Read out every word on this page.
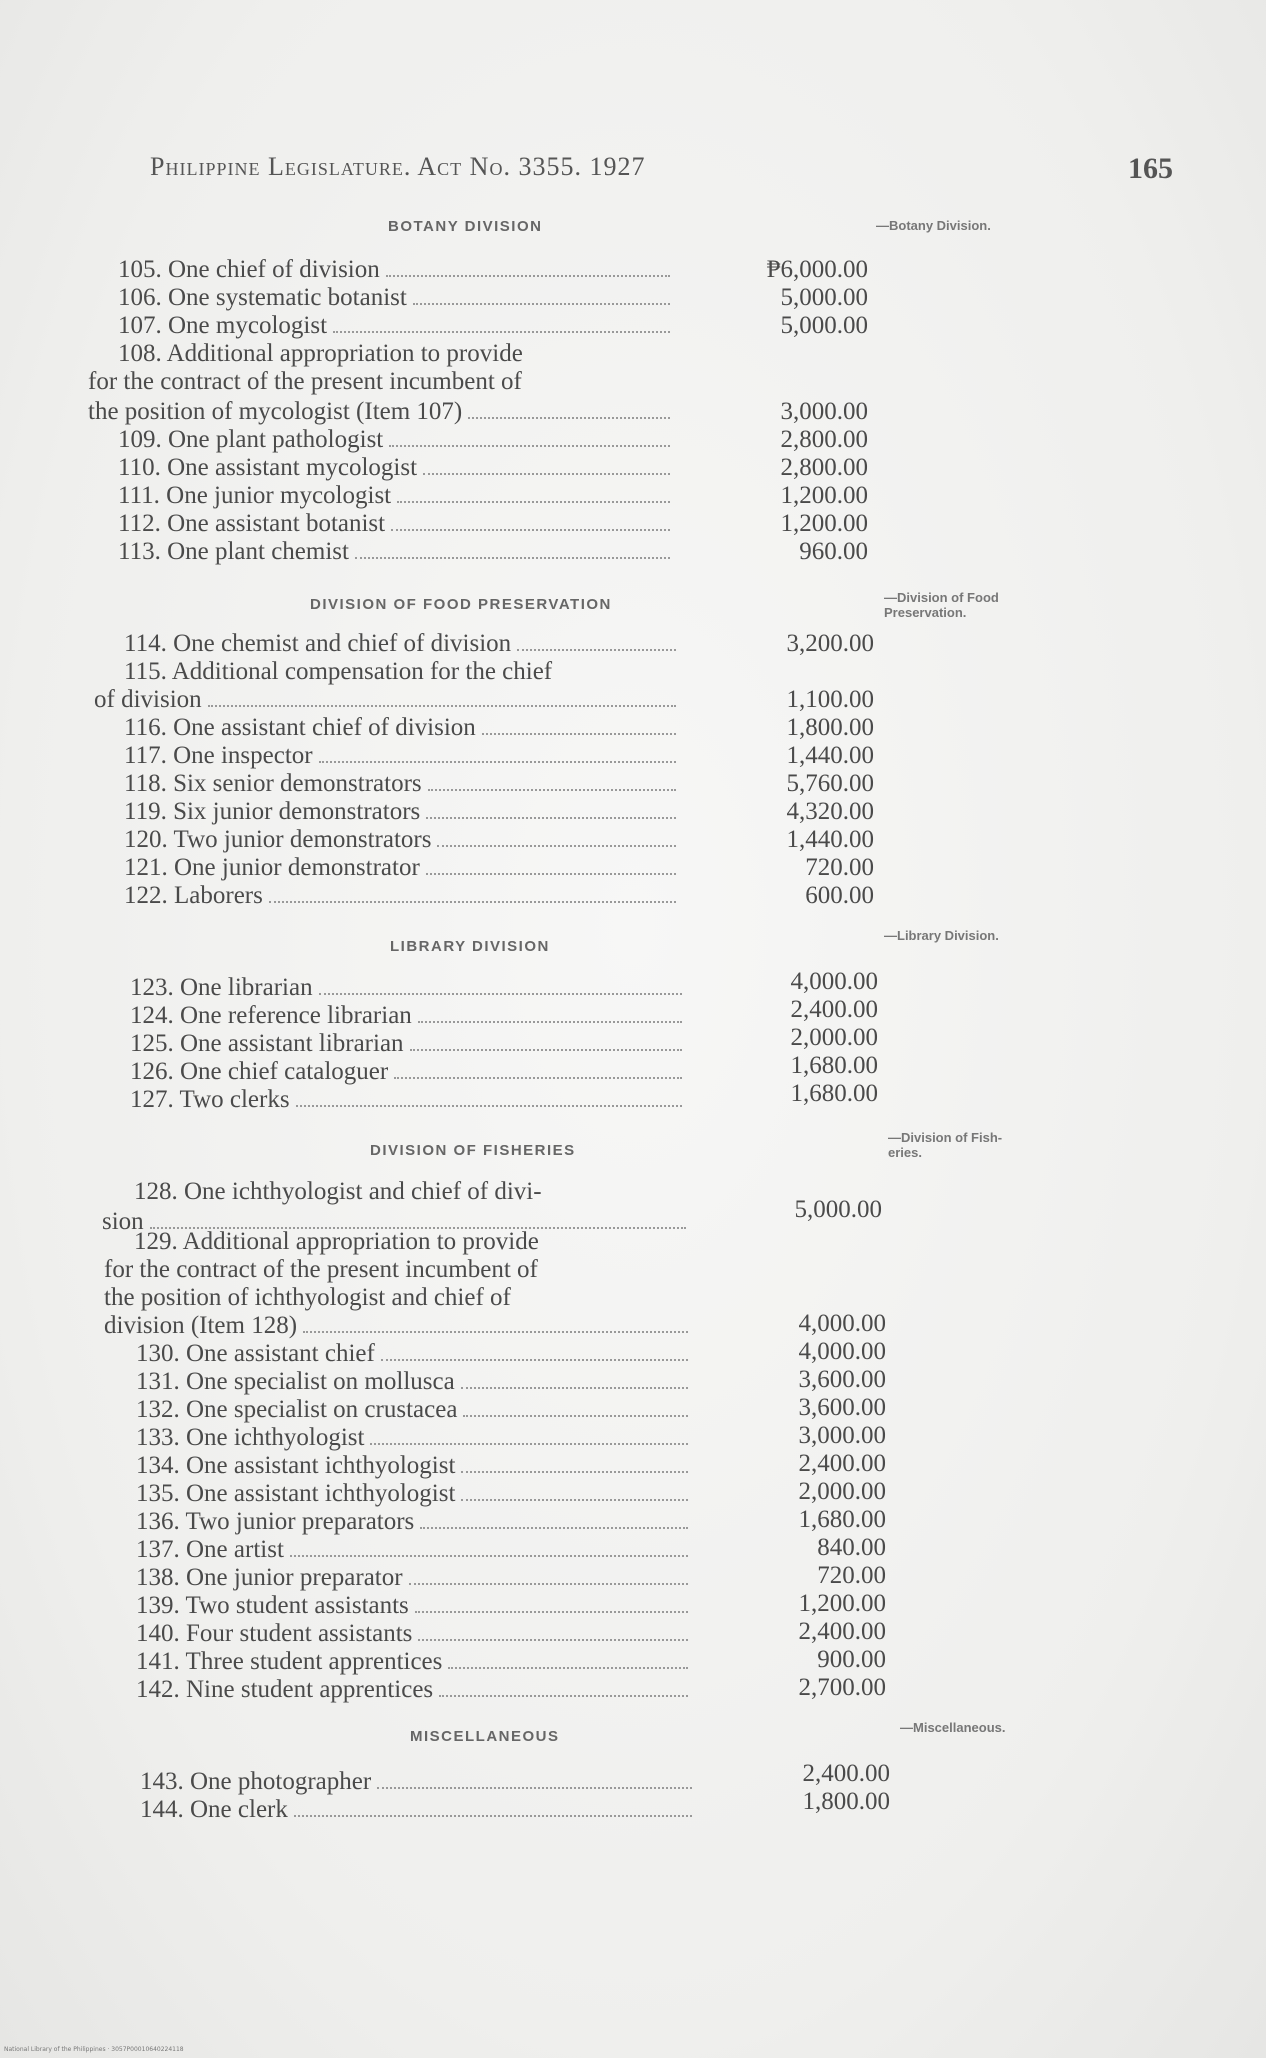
Philippine Legislature. Act No. 3355. 1927	165
BOTANY DIVISION	—Botany Division.
105. One chief of division	₱6,000.00
106. One systematic botanist	5,000.00
107. One mycologist	5,000.00
108. Additional appropriation to provide
for the contract of the present incumbent of
the position of mycologist (Item 107)	3,000.00
109. One plant pathologist	2,800.00
110. One assistant mycologist	2,800.00
111. One junior mycologist	1,200.00
112. One assistant botanist	1,200.00
113. One plant chemist	960.00
DIVISION OF FOOD PRESERVATION	—Division of Food
Preservation.
114. One chemist and chief of division	3,200.00
115. Additional compensation for the chief
of division	1,100.00
116. One assistant chief of division	1,800.00
117. One inspector	1,440.00
118. Six senior demonstrators	5,760.00
119. Six junior demonstrators	4,320.00
120. Two junior demonstrators	1,440.00
121. One junior demonstrator	720.00
122. Laborers	600.00
LIBRARY DIVISION
—Library Division.
123. One librarian	4,000.00
124. One reference librarian	2,400.00
125. One assistant librarian	2,000.00
126. One chief cataloguer	1,680.00
127. Two clerks	1,680.00
DIVISION OF FISHERIES
—Division of Fish-
eries.
128. One ichthyologist and chief of divi-
sion	5,000.00
129. Additional appropriation to provide
for the contract of the present incumbent of
the position of ichthyologist and chief of
division (Item 128)	4,000.00
130. One assistant chief	4,000.00
131. One specialist on mollusca	3,600.00
132. One specialist on crustacea	3,600.00
133. One ichthyologist	3,000.00
134. One assistant ichthyologist	2,400.00
135. One assistant ichthyologist	2,000.00
136. Two junior preparators	1,680.00
137. One artist	840.00
138. One junior preparator	720.00
139. Two student assistants	1,200.00
140. Four student assistants	2,400.00
141. Three student apprentices	900.00
142. Nine student apprentices	2,700.00
MISCELLANEOUS
—Miscellaneous.
143. One photographer	2,400.00
144. One clerk	1,800.00
National Library of the Philippines · 3057P00010640224118
